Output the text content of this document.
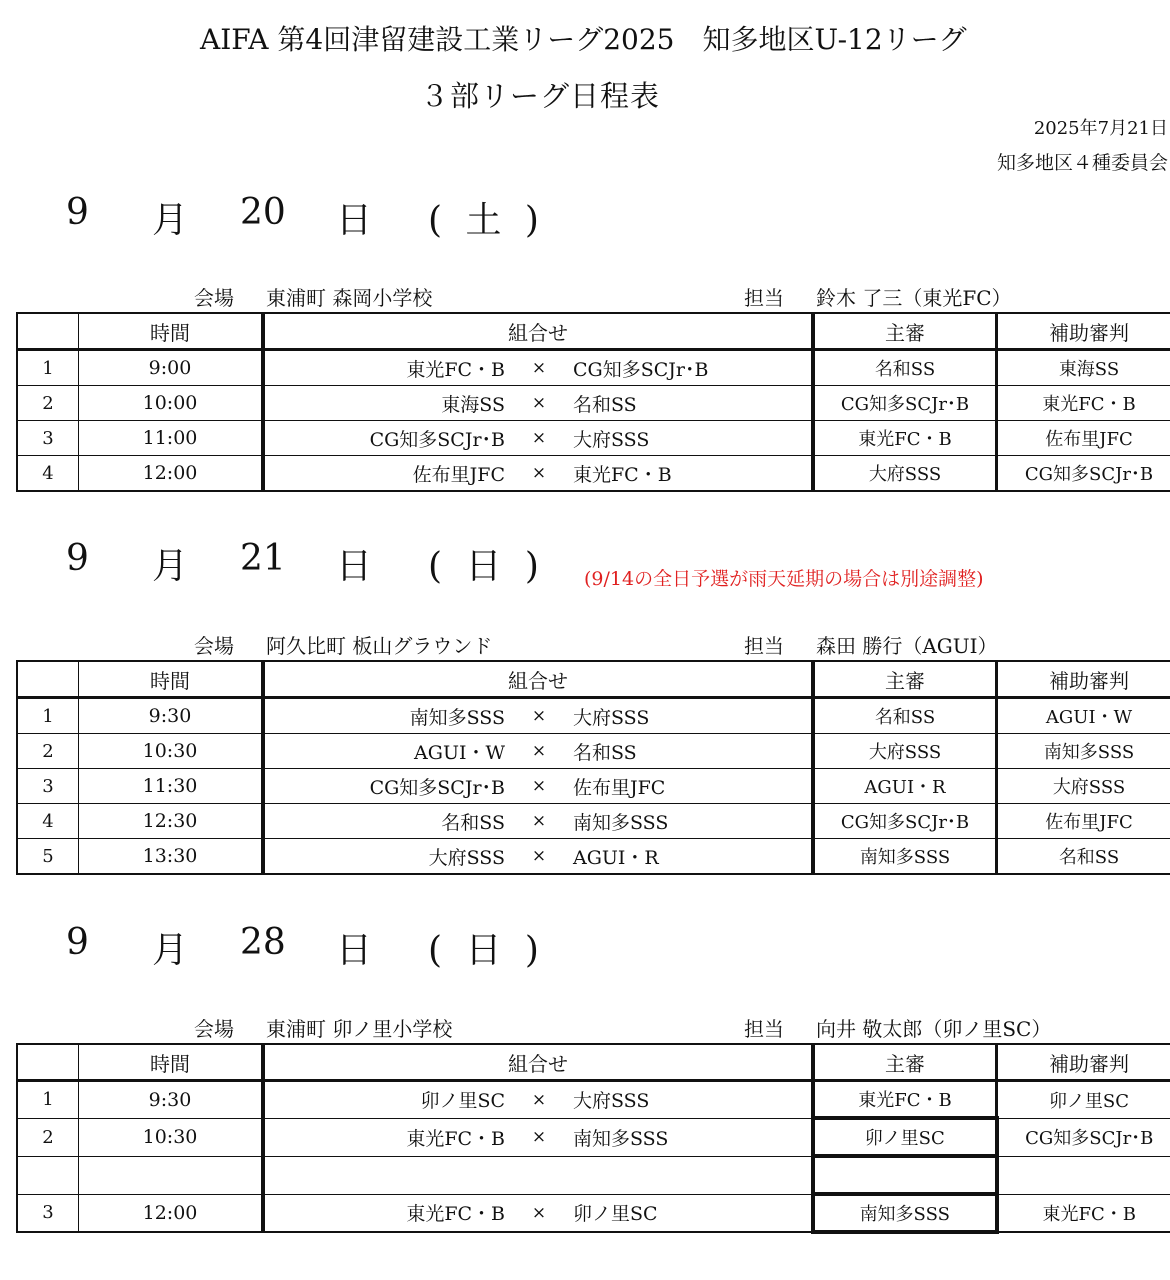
AIFA 第4回津留建設工業リーグ2025　知多地区U-12リーグ
３部リーグ日程表
2025年7月21日
知多地区４種委員会
9 月 20 日 ( 土 )
会場 東浦町 森岡小学校	担当 鈴木 了三（東光FC）
	時間	組合せ	主審	補助審判
1	9:00	東光FC・B × CG知多SCJr･B	名和SS	東海SS
2	10:00	東海SS × 名和SS	CG知多SCJr･B	東光FC・B
3	11:00	CG知多SCJr･B × 大府SSS	東光FC・B	佐布里JFC
4	12:00	佐布里JFC × 東光FC・B	大府SSS	CG知多SCJr･B
9 月 21 日 ( 日 ) (9/14の全日予選が雨天延期の場合は別途調整)
会場 阿久比町 板山グラウンド	担当 森田 勝行（AGUI）
	時間	組合せ	主審	補助審判
1	9:30	南知多SSS × 大府SSS	名和SS	AGUI・W
2	10:30	AGUI・W × 名和SS	大府SSS	南知多SSS
3	11:30	CG知多SCJr･B × 佐布里JFC	AGUI・R	大府SSS
4	12:30	名和SS × 南知多SSS	CG知多SCJr･B	佐布里JFC
5	13:30	大府SSS × AGUI・R	南知多SSS	名和SS
9 月 28 日 ( 日 )
会場 東浦町 卯ノ里小学校	担当 向井 敬太郎（卯ノ里SC）
	時間	組合せ	主審	補助審判
1	9:30	卯ノ里SC × 大府SSS	東光FC・B	卯ノ里SC
2	10:30	東光FC・B × 南知多SSS	卯ノ里SC	CG知多SCJr･B

3	12:00	東光FC・B × 卯ノ里SC	南知多SSS	東光FC・B
